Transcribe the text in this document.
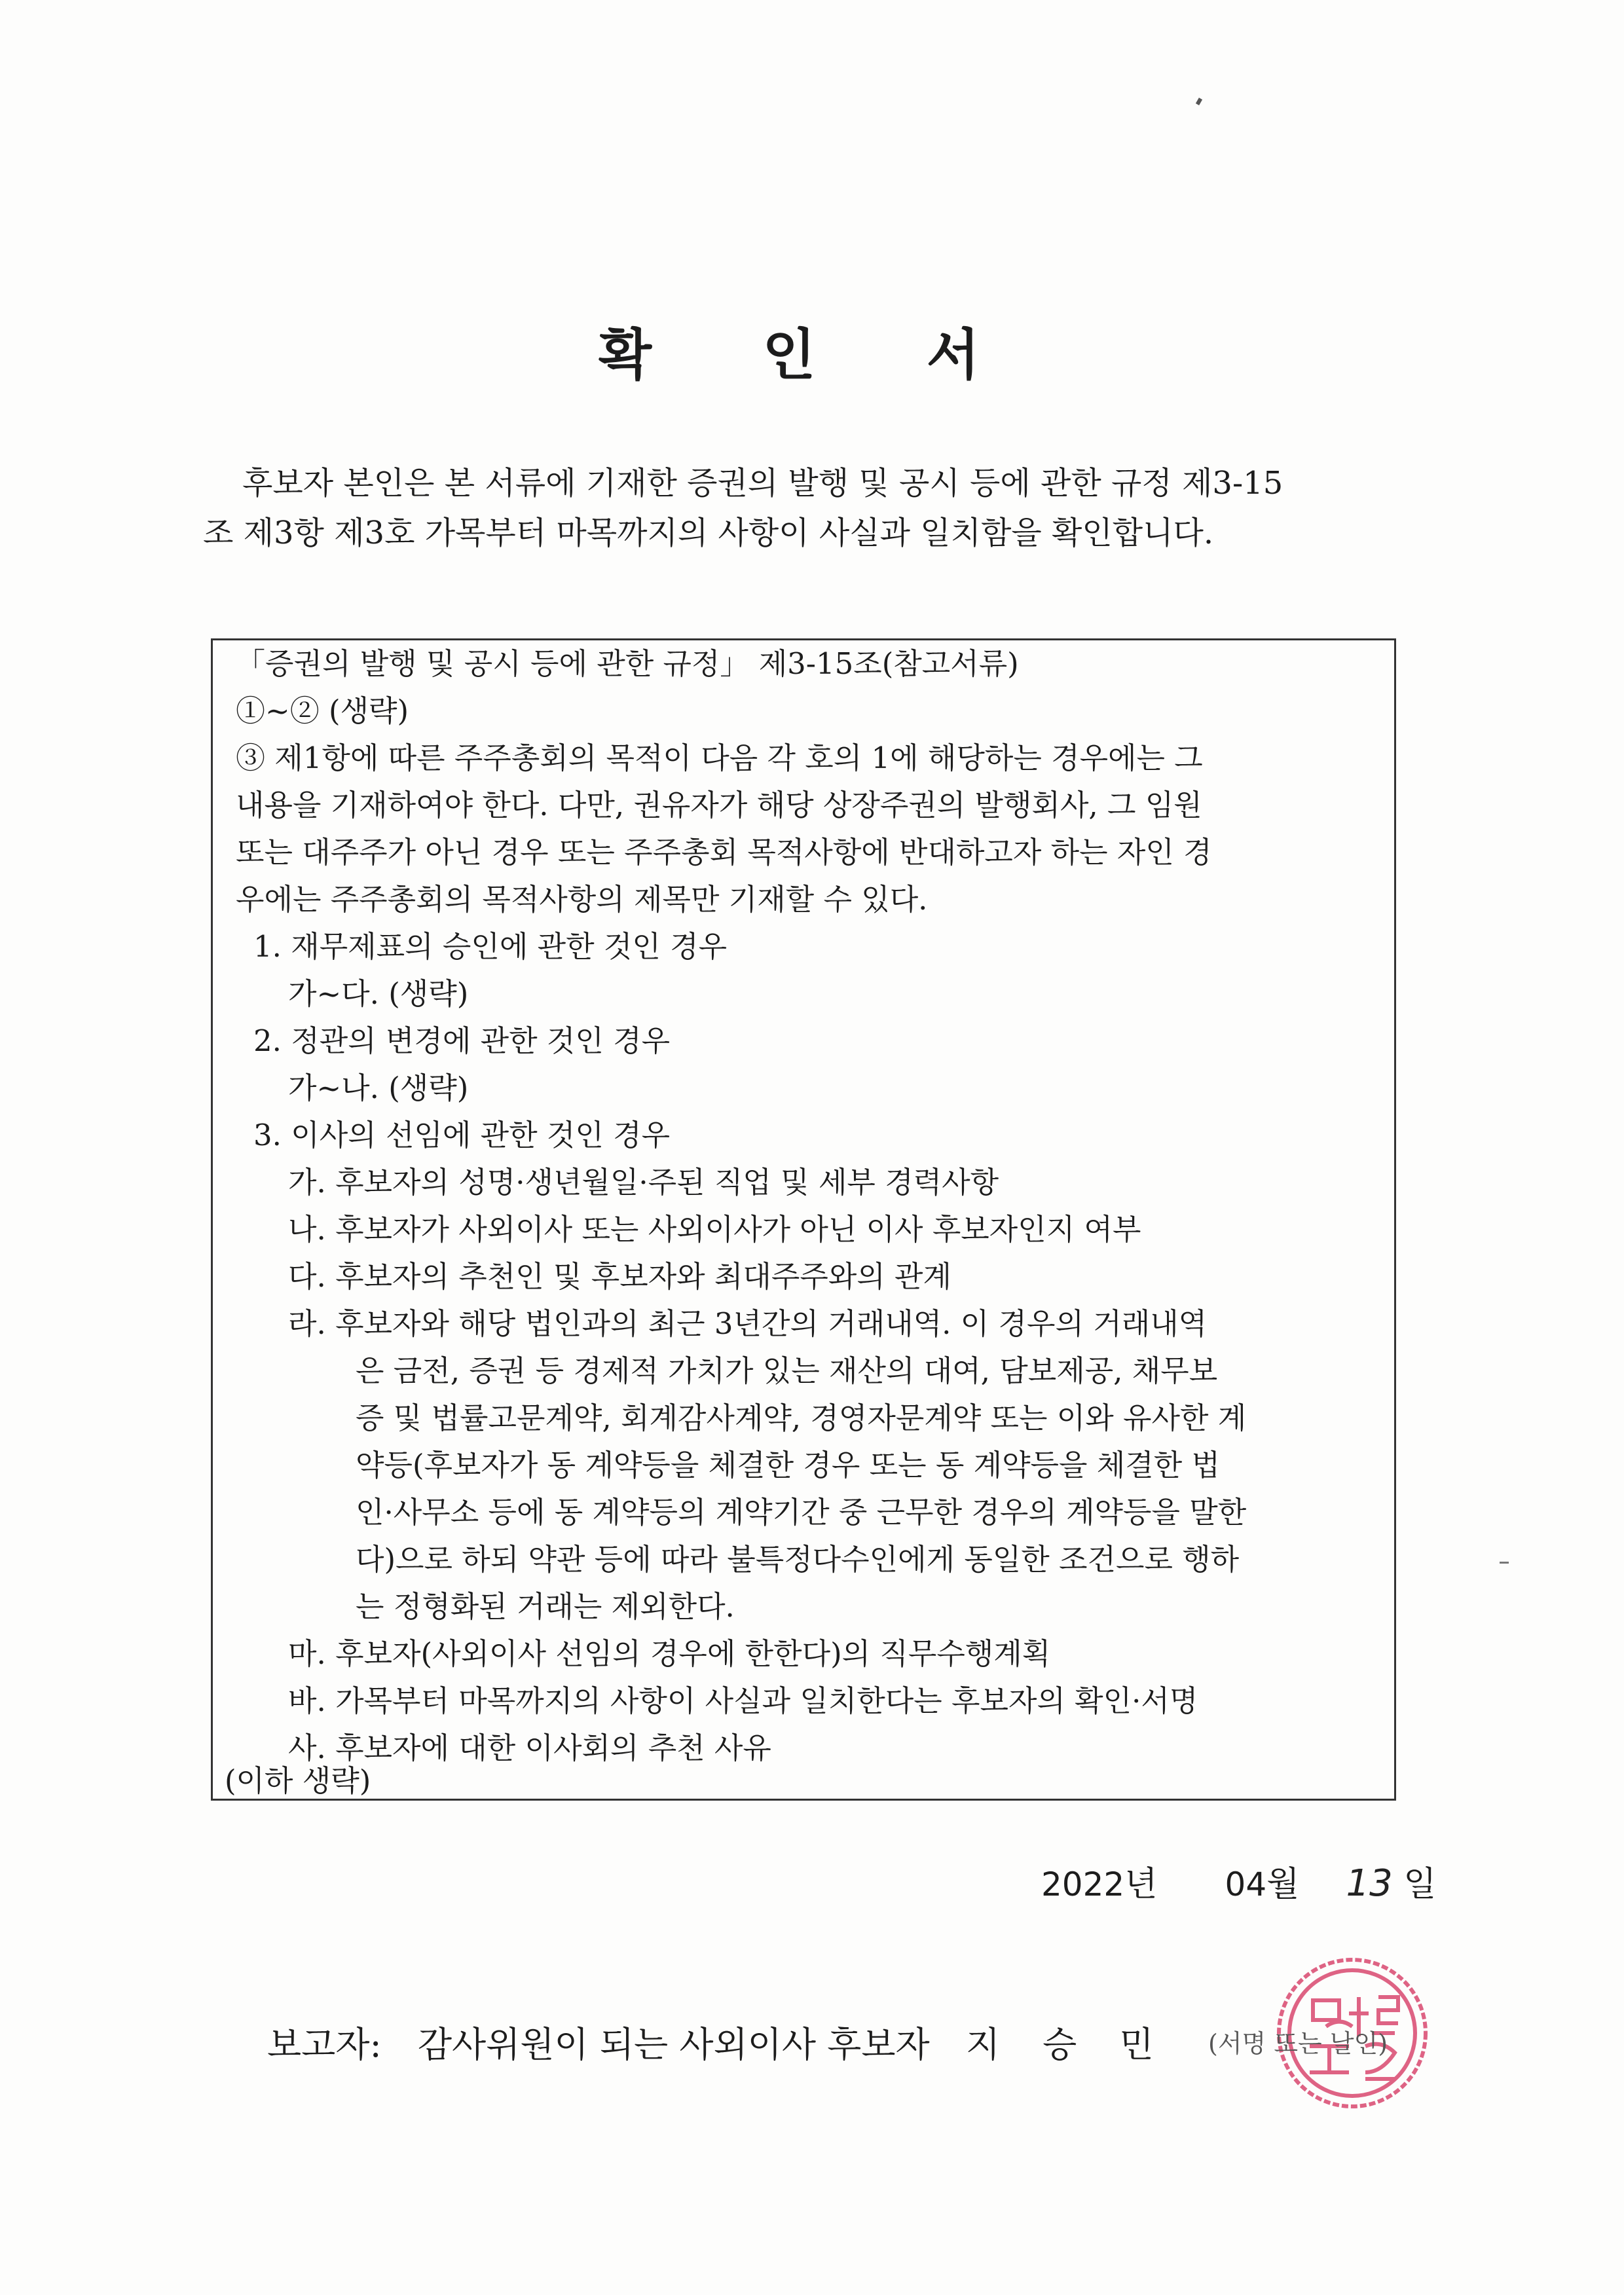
확 인 서

후보자 본인은 본 서류에 기재한 증권의 발행 및 공시 등에 관한 규정 제3-15
조 제3항 제3호 가목부터 마목까지의 사항이 사실과 일치함을 확인합니다.

「증권의 발행 및 공시 등에 관한 규정」 제3-15조(참고서류)
①~② (생략)
③ 제1항에 따른 주주총회의 목적이 다음 각 호의 1에 해당하는 경우에는 그
내용을 기재하여야 한다. 다만, 권유자가 해당 상장주권의 발행회사, 그 임원
또는 대주주가 아닌 경우 또는 주주총회 목적사항에 반대하고자 하는 자인 경
우에는 주주총회의 목적사항의 제목만 기재할 수 있다.
1. 재무제표의 승인에 관한 것인 경우
가~다. (생략)
2. 정관의 변경에 관한 것인 경우
가~나. (생략)
3. 이사의 선임에 관한 것인 경우
가. 후보자의 성명·생년월일·주된 직업 및 세부 경력사항
나. 후보자가 사외이사 또는 사외이사가 아닌 이사 후보자인지 여부
다. 후보자의 추천인 및 후보자와 최대주주와의 관계
라. 후보자와 해당 법인과의 최근 3년간의 거래내역. 이 경우의 거래내역
은 금전, 증권 등 경제적 가치가 있는 재산의 대여, 담보제공, 채무보
증 및 법률고문계약, 회계감사계약, 경영자문계약 또는 이와 유사한 계
약등(후보자가 동 계약등을 체결한 경우 또는 동 계약등을 체결한 법
인·사무소 등에 동 계약등의 계약기간 중 근무한 경우의 계약등을 말한
다)으로 하되 약관 등에 따라 불특정다수인에게 동일한 조건으로 행하
는 정형화된 거래는 제외한다.
마. 후보자(사외이사 선임의 경우에 한한다)의 직무수행계획
바. 가목부터 마목까지의 사항이 사실과 일치한다는 후보자의 확인·서명
사. 후보자에 대한 이사회의 추천 사유
(이하 생략)
2022년 04월 13 일
보고자: 감사위원이 되는 사외이사 후보자 지 승 민 (서명 또는 날인)
